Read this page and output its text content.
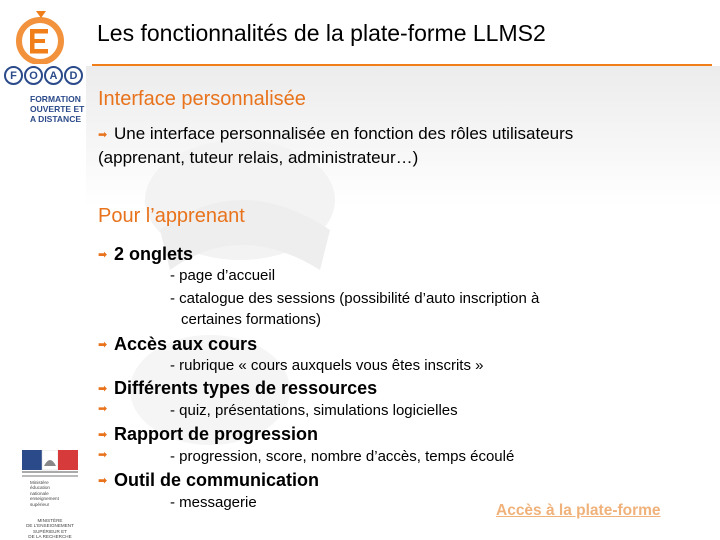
F	O	A	D
FORMATION
OUVERTE ET
A DISTANCE
Ministère
éducation
nationale
enseignement
supérieur
MINISTÈRE
DE L'ENSEIGNEMENT
SUPÉRIEUR ET
DE LA RECHERCHE
Les fonctionnalités de la plate-forme LLMS2
Interface personnalisée
➡ Une interface personnalisée en fonction des rôles utilisateurs
(apprenant, tuteur relais, administrateur…)
Pour l’apprenant
➡ 2 onglets
- page d’accueil
- catalogue des sessions (possibilité d’auto inscription à
certaines formations)
➡ Accès aux cours
- rubrique « cours auxquels vous êtes inscrits »
➡ Différents types de ressources
➡	- quiz, présentations, simulations logicielles
➡ Rapport de progression
➡	- progression, score, nombre d’accès, temps écoulé
➡ Outil de communication
- messagerie	Accès à la plate-forme
